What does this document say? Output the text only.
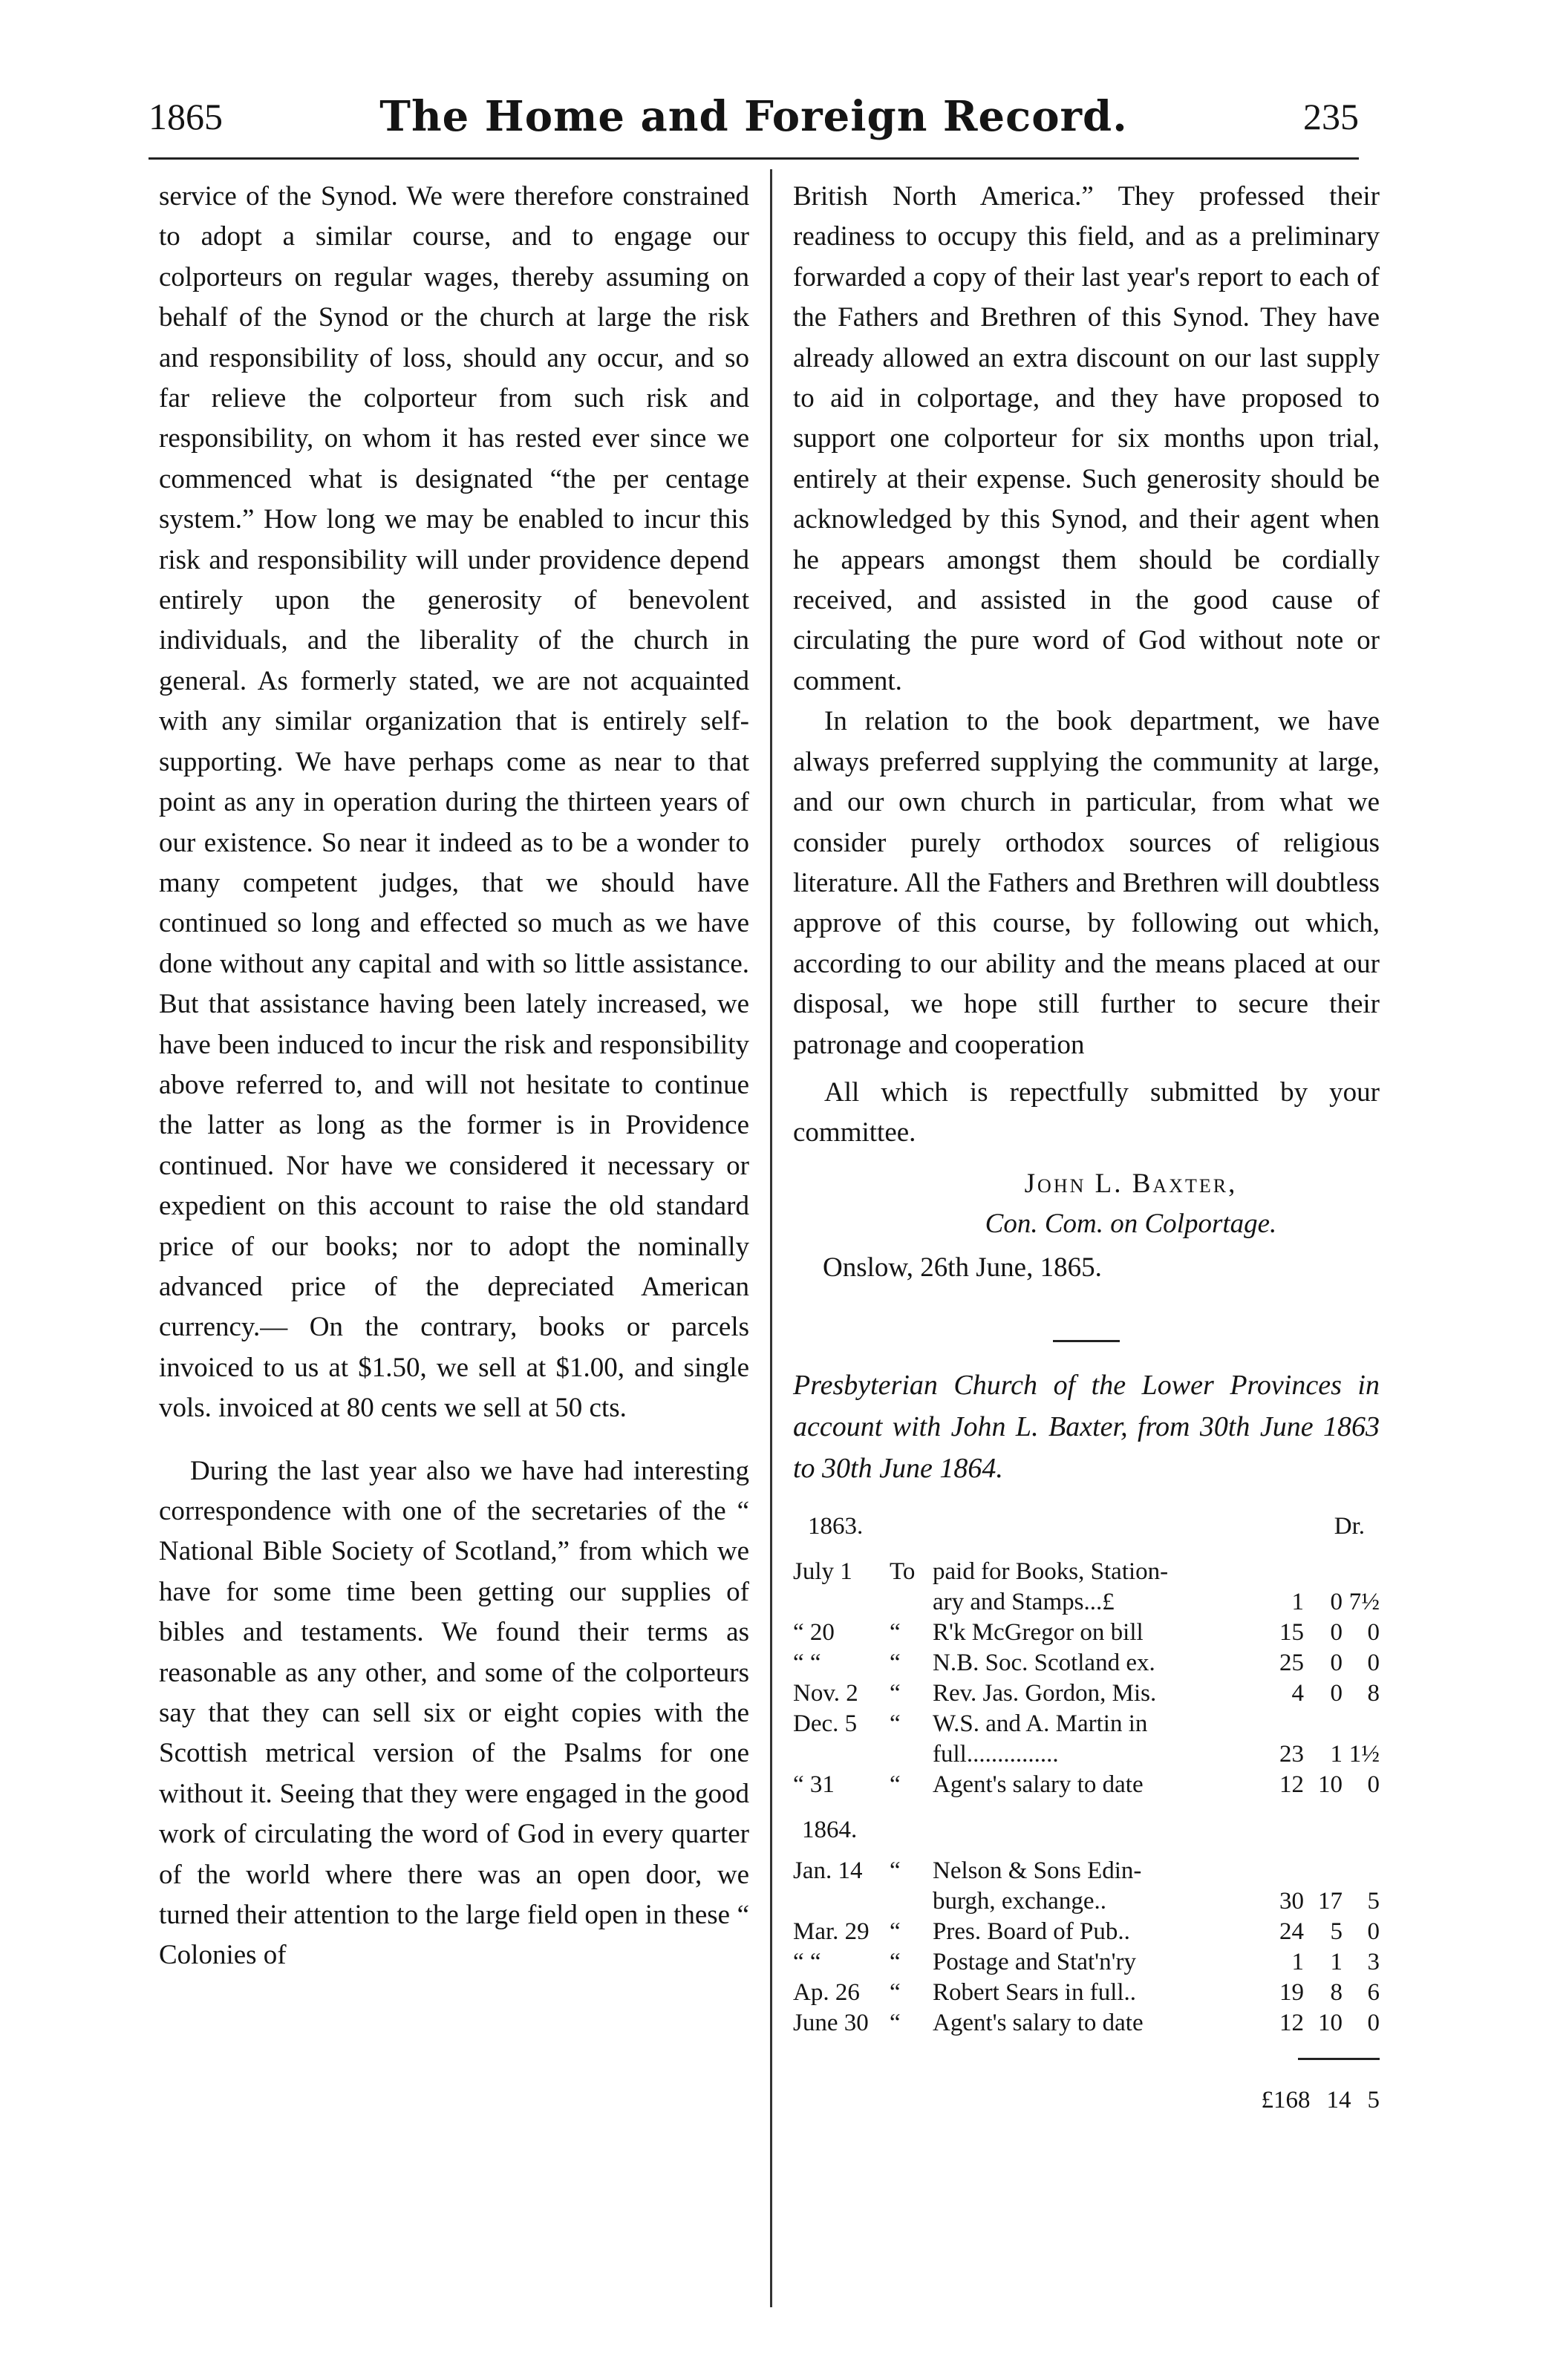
1865	The Home and Foreign Record.	235

service of the Synod. We were therefore constrained to adopt a similar course, and to engage our colporteurs on regular wages, thereby assuming on behalf of the Synod or the church at large the risk and responsibility of loss, should any occur, and so far relieve the colporteur from such risk and responsibility, on whom it has rested ever since we commenced what is designated “the per centage system.” How long we may be enabled to incur this risk and responsibility will under providence depend entirely upon the generosity of benevolent individuals, and the liberality of the church in general. As formerly stated, we are not acquainted with any similar organization that is entirely self-supporting. We have perhaps come as near to that point as any in operation during the thirteen years of our existence. So near it indeed as to be a wonder to many competent judges, that we should have continued so long and effected so much as we have done without any capital and with so little assistance. But that assistance having been lately increased, we have been induced to incur the risk and responsibility above referred to, and will not hesitate to continue the latter as long as the former is in Providence continued. Nor have we considered it necessary or expedient on this account to raise the old standard price of our books; nor to adopt the nominally advanced price of the depreciated American currency.— On the contrary, books or parcels invoiced to us at $1.50, we sell at $1.00, and single vols. invoiced at 80 cents we sell at 50 cts.

During the last year also we have had interesting correspondence with one of the secretaries of the “ National Bible Society of Scotland,” from which we have for some time been getting our supplies of bibles and testaments. We found their terms as reasonable as any other, and some of the colporteurs say that they can sell six or eight copies with the Scottish metrical version of the Psalms for one without it. Seeing that they were engaged in the good work of circulating the word of God in every quarter of the world where there was an open door, we turned their attention to the large field open in these “ Colonies of

British North America.” They professed their readiness to occupy this field, and as a preliminary forwarded a copy of their last year's report to each of the Fathers and Brethren of this Synod. They have already allowed an extra discount on our last supply to aid in colportage, and they have proposed to support one colporteur for six months upon trial, entirely at their expense. Such generosity should be acknowledged by this Synod, and their agent when he appears amongst them should be cordially received, and assisted in the good cause of circulating the pure word of God without note or comment.

In relation to the book department, we have always preferred supplying the community at large, and our own church in particular, from what we consider purely orthodox sources of religious literature. All the Fathers and Brethren will doubtless approve of this course, by following out which, according to our ability and the means placed at our disposal, we hope still further to secure their patronage and cooperation

All which is repectfully submitted by your committee.

John L. Baxter,
Con. Com. on Colportage.
Onslow, 26th June, 1865.
Presbyterian Church of the Lower Provinces in account with John L. Baxter, from 30th June 1863 to 30th June 1864.
1863.	Dr.
July 1	To paid for Books, Station-
ary and Stamps...£	1	0 7½
“ 20	“	R'k McGregor on bill	15	0	0
“ “	“	N.B. Soc. Scotland ex.	25	0	0
Nov. 2	“	Rev. Jas. Gordon, Mis.	4	0	8
Dec. 5	“	W.S. and A. Martin in
full...............	23	1 1½
“ 31	“	Agent's salary to date	12 10	0
1864.
Jan. 14	“	Nelson & Sons Edin-
burgh, exchange..	30 17	5
Mar. 29 “	Pres. Board of Pub..	24	5	0
“ “	“	Postage and Stat'n'ry	1	1	3
Ap. 26	“	Robert Sears in full..	19	8	6
June 30 “	Agent's salary to date	12 10	0
£168 14 5
